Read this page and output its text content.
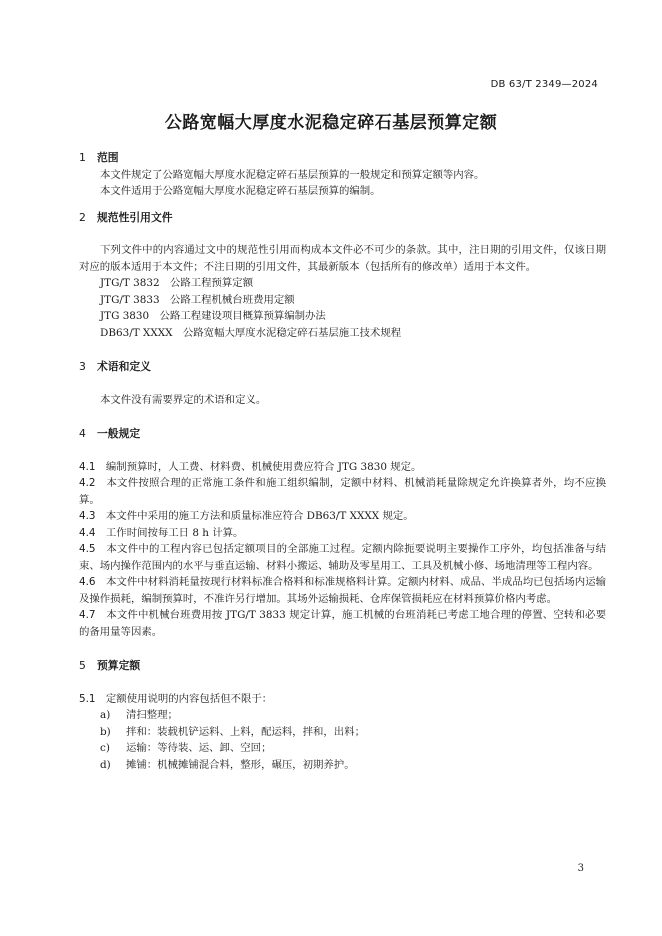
DB 63/T 2349—2024
公路宽幅大厚度水泥稳定碎石基层预算定额

1 范围

本文件规定了公路宽幅大厚度水泥稳定碎石基层预算的一般规定和预算定额等内容。

本文件适用于公路宽幅大厚度水泥稳定碎石基层预算的编制。

2 规范性引用文件

下列文件中的内容通过文中的规范性引用而构成本文件必不可少的条款。其中，注日期的引用文件，仅该日期对应的版本适用于本文件；不注日期的引用文件，其最新版本（包括所有的修改单）适用于本文件。

JTG/T 3832　公路工程预算定额

JTG/T 3833　公路工程机械台班费用定额

JTG 3830　公路工程建设项目概算预算编制办法

DB63/T XXXX　公路宽幅大厚度水泥稳定碎石基层施工技术规程

3 术语和定义

本文件没有需要界定的术语和定义。

4 一般规定

4.1　 编制预算时，人工费、材料费、机械使用费应符合 JTG 3830 规定。

4.2　 本文件按照合理的正常施工条件和施工组织编制，定额中材料、机械消耗量除规定允许换算者外，均不应换算。

4.3　 本文件中采用的施工方法和质量标准应符合 DB63/T XXXX 规定。

4.4　 工作时间按每工日 8 h 计算。

4.5　 本文件中的工程内容已包括定额项目的全部施工过程。定额内除扼要说明主要操作工序外，均包括准备与结束、场内操作范围内的水平与垂直运输、材料小搬运、辅助及零星用工、工具及机械小修、场地清理等工程内容。

4.6　 本文件中材料消耗量按现行材料标准合格料和标准规格料计算。定额内材料、成品、半成品均已包括场内运输及操作损耗，编制预算时，不准许另行增加。其场外运输损耗、仓库保管损耗应在材料预算价格内考虑。

4.7　 本文件中机械台班费用按 JTG/T 3833 规定计算，施工机械的台班消耗已考虑工地合理的停置、空转和必要的备用量等因素。

5 预算定额

5.1　 定额使用说明的内容包括但不限于：

a) 清扫整理；

b) 拌和：装载机铲运料、上料，配运料，拌和，出料；

c) 运输：等待装、运、卸、空回；

d) 摊铺：机械摊铺混合料，整形，碾压，初期养护。

3
